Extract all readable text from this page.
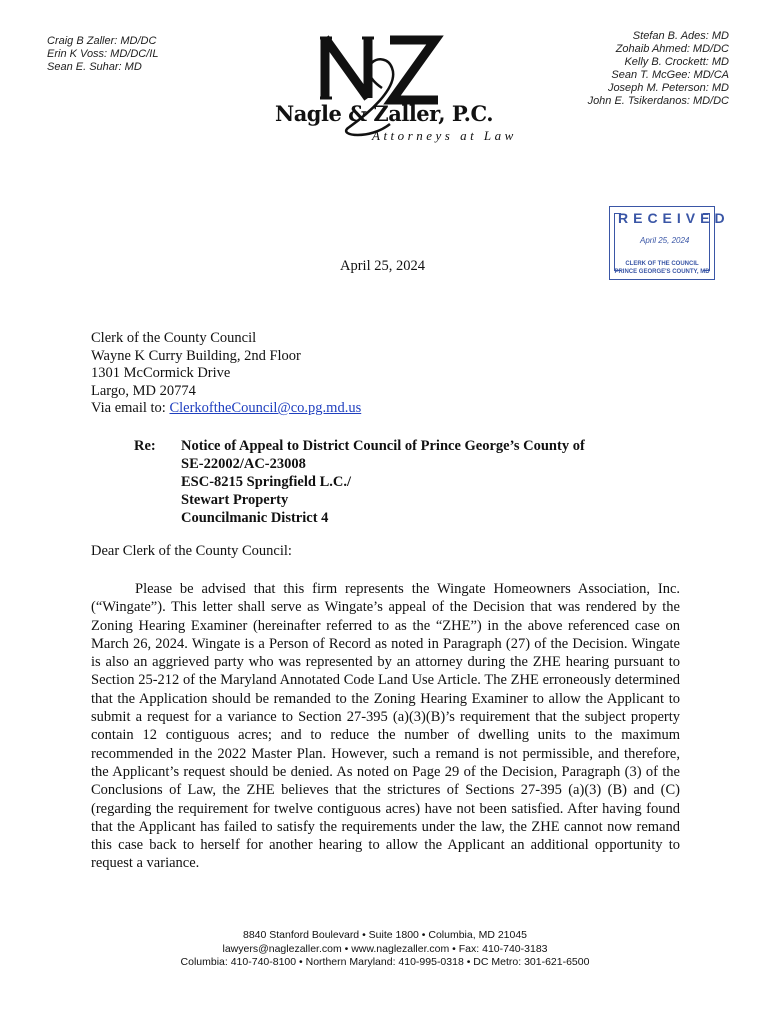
Craig B Zaller: MD/DC
Erin K Voss: MD/DC/IL
Sean E. Suhar: MD
Nagle & Zaller, P.C.
Attorneys at Law
Stefan B. Ades: MD
Zohaib Ahmed: MD/DC
Kelly B. Crockett: MD
Sean T. McGee: MD/CA
Joseph M. Peterson: MD
John E. Tsikerdanos: MD/DC
RECEIVED
April 25, 2024
CLERK OF THE COUNCIL
PRINCE GEORGE'S COUNTY, MD
April 25, 2024
Clerk of the County Council
Wayne K Curry Building, 2nd Floor
1301 McCormick Drive
Largo, MD 20774
Via email to: ClerkoftheCouncil@co.pg.md.us
Re: Notice of Appeal to District Council of Prince George’s County of
SE-22002/AC-23008
ESC-8215 Springfield L.C./
Stewart Property
Councilmanic District 4
Dear Clerk of the County Council:

Please be advised that this firm represents the Wingate Homeowners Association, Inc. (“Wingate”). This letter shall serve as Wingate’s appeal of the Decision that was rendered by the Zoning Hearing Examiner (hereinafter referred to as the “ZHE”) in the above referenced case on March 26, 2024. Wingate is a Person of Record as noted in Paragraph (27) of the Decision. Wingate is also an aggrieved party who was represented by an attorney during the ZHE hearing pursuant to Section 25-212 of the Maryland Annotated Code Land Use Article. The ZHE erroneously determined that the Application should be remanded to the Zoning Hearing Examiner to allow the Applicant to submit a request for a variance to Section 27-395 (a)(3)(B)’s requirement that the subject property contain 12 contiguous acres; and to reduce the number of dwelling units to the maximum recommended in the 2022 Master Plan. However, such a remand is not permissible, and therefore, the Applicant’s request should be denied. As noted on Page 29 of the Decision, Paragraph (3) of the Conclusions of Law, the ZHE believes that the strictures of Sections 27-395 (a)(3) (B) and (C) (regarding the requirement for twelve contiguous acres) have not been satisfied. After having found that the Applicant has failed to satisfy the requirements under the law, the ZHE cannot now remand this case back to herself for another hearing to allow the Applicant an additional opportunity to request a variance.

8840 Stanford Boulevard • Suite 1800 • Columbia, MD 21045
lawyers@naglezaller.com • www.naglezaller.com • Fax: 410-740-3183
Columbia: 410-740-8100 • Northern Maryland: 410-995-0318 • DC Metro: 301-621-6500
